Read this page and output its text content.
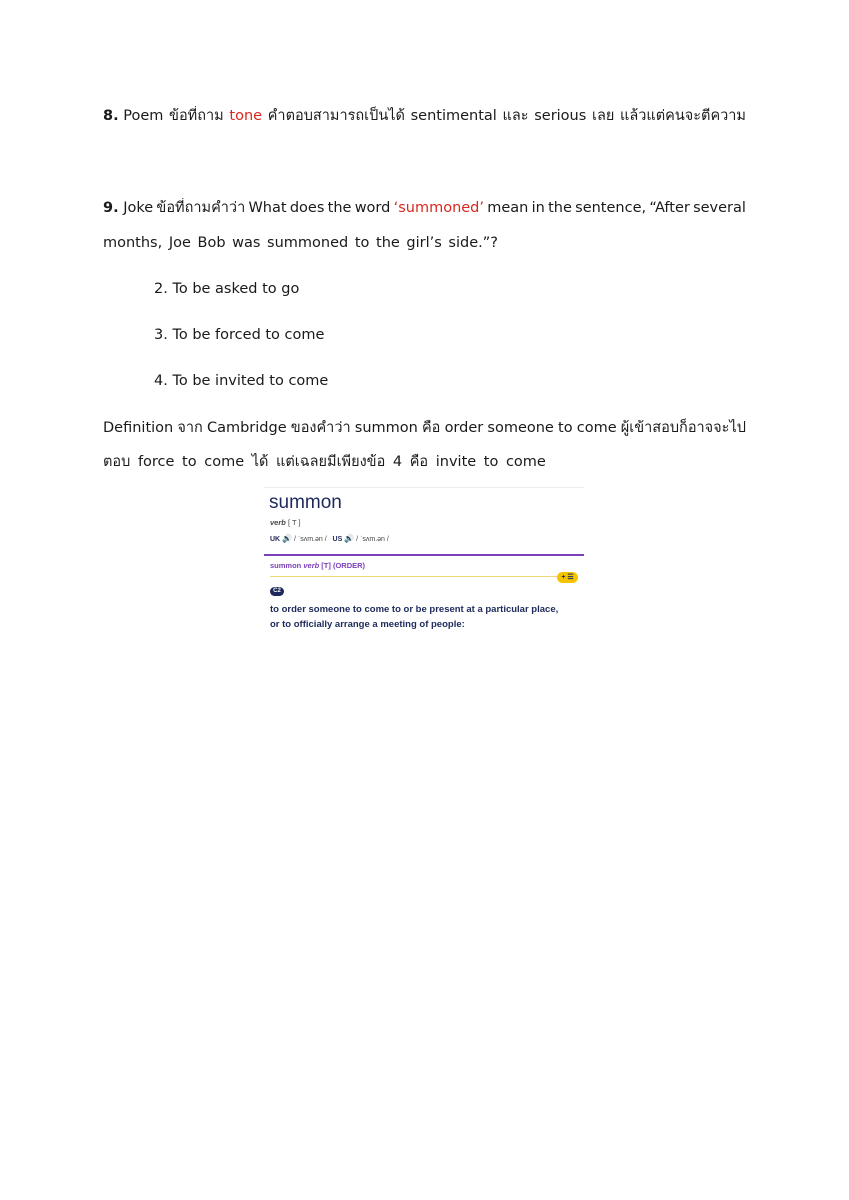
8. Poem ข้อที่ถาม tone คำตอบสามารถเป็นได้ sentimental และ serious เลย แล้วแต่คนจะตีความ
9. Joke ข้อที่ถามคำว่า What does the word ‘summoned’ mean in the sentence, “After several
months, Joe Bob was summoned to the girl’s side.”?
2. To be asked to go
3. To be forced to come
4. To be invited to come
Definition จาก Cambridge ของคำว่า summon คือ order someone to come ผู้เข้าสอบก็อาจจะไป
ตอบ force to come ได้ แต่เฉลยมีเพียงข้อ 4 คือ invite to come
summon
verb [ T ]
UK 🔊 / ˈsʌm.ən / US 🔊 / ˈsʌm.ən /
summon verb [T] (ORDER)
+ ☰
C2
to order someone to come to or be present at a particular place,
or to officially arrange a meeting of people:
